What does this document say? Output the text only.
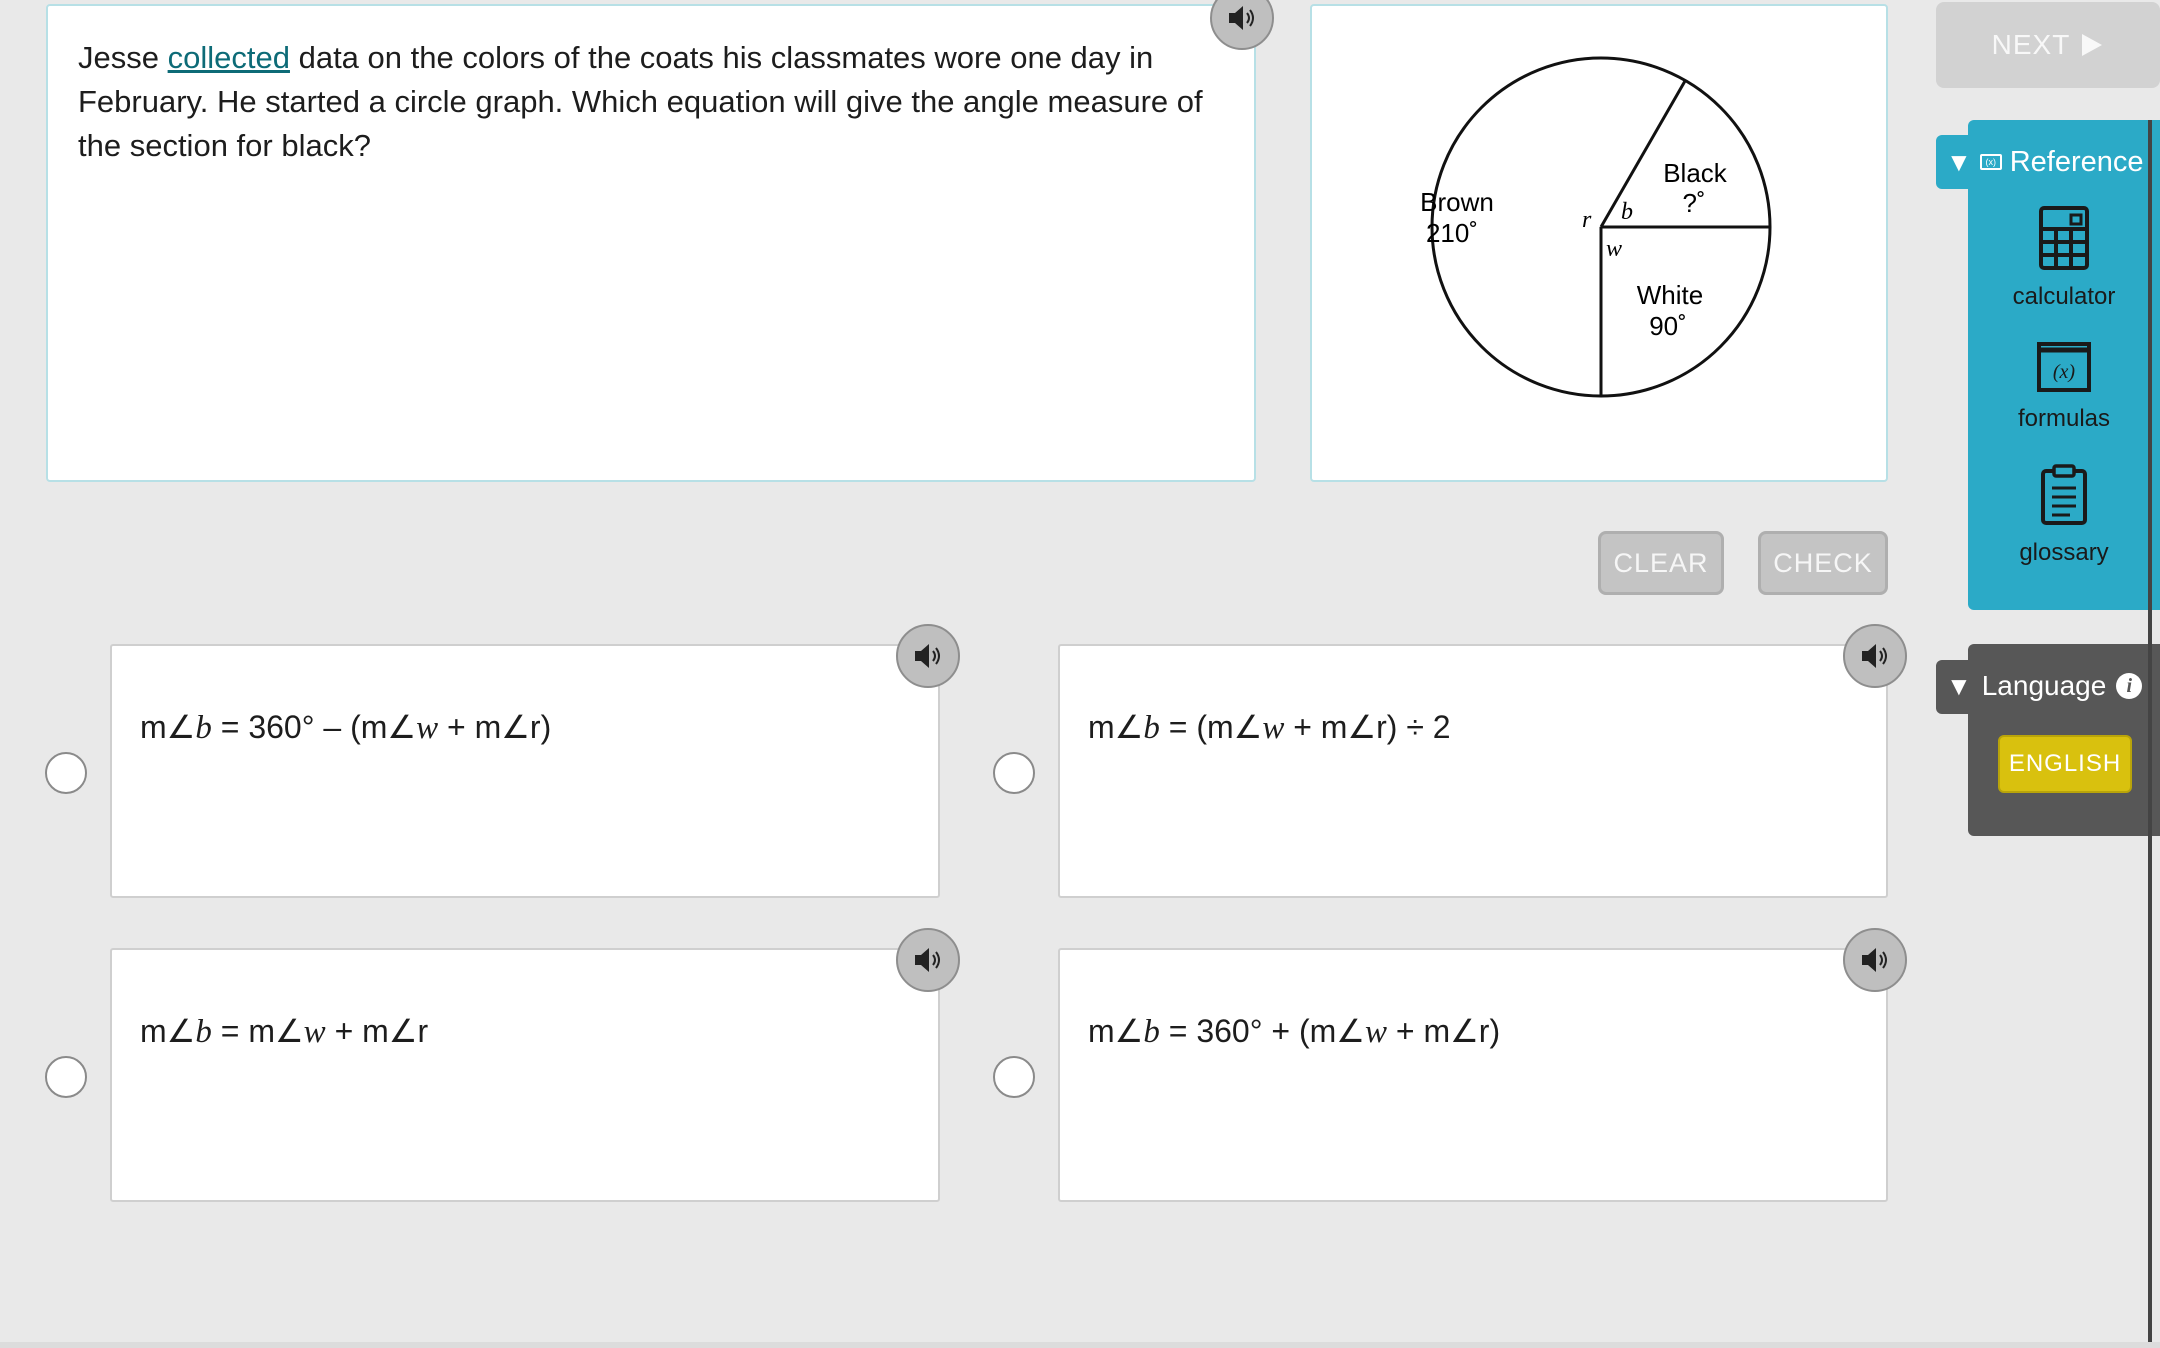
Jesse collected data on the colors of the coats his classmates wore one day in February. He started a circle graph. Which equation will give the angle measure of the section for black?

Brown
210˚
Black
?˚
White
90˚
r b
w
CLEAR	CHECK
NEXT
m∠b = 360° – (m∠w + m∠r)	m∠b = (m∠w + m∠r) ÷ 2
m∠b = m∠w + m∠r	m∠b = 360° + (m∠w + m∠r)
▼	(x) Reference
calculator
(x)
formulas
glossary
▼ Language	i
ENGLISH
